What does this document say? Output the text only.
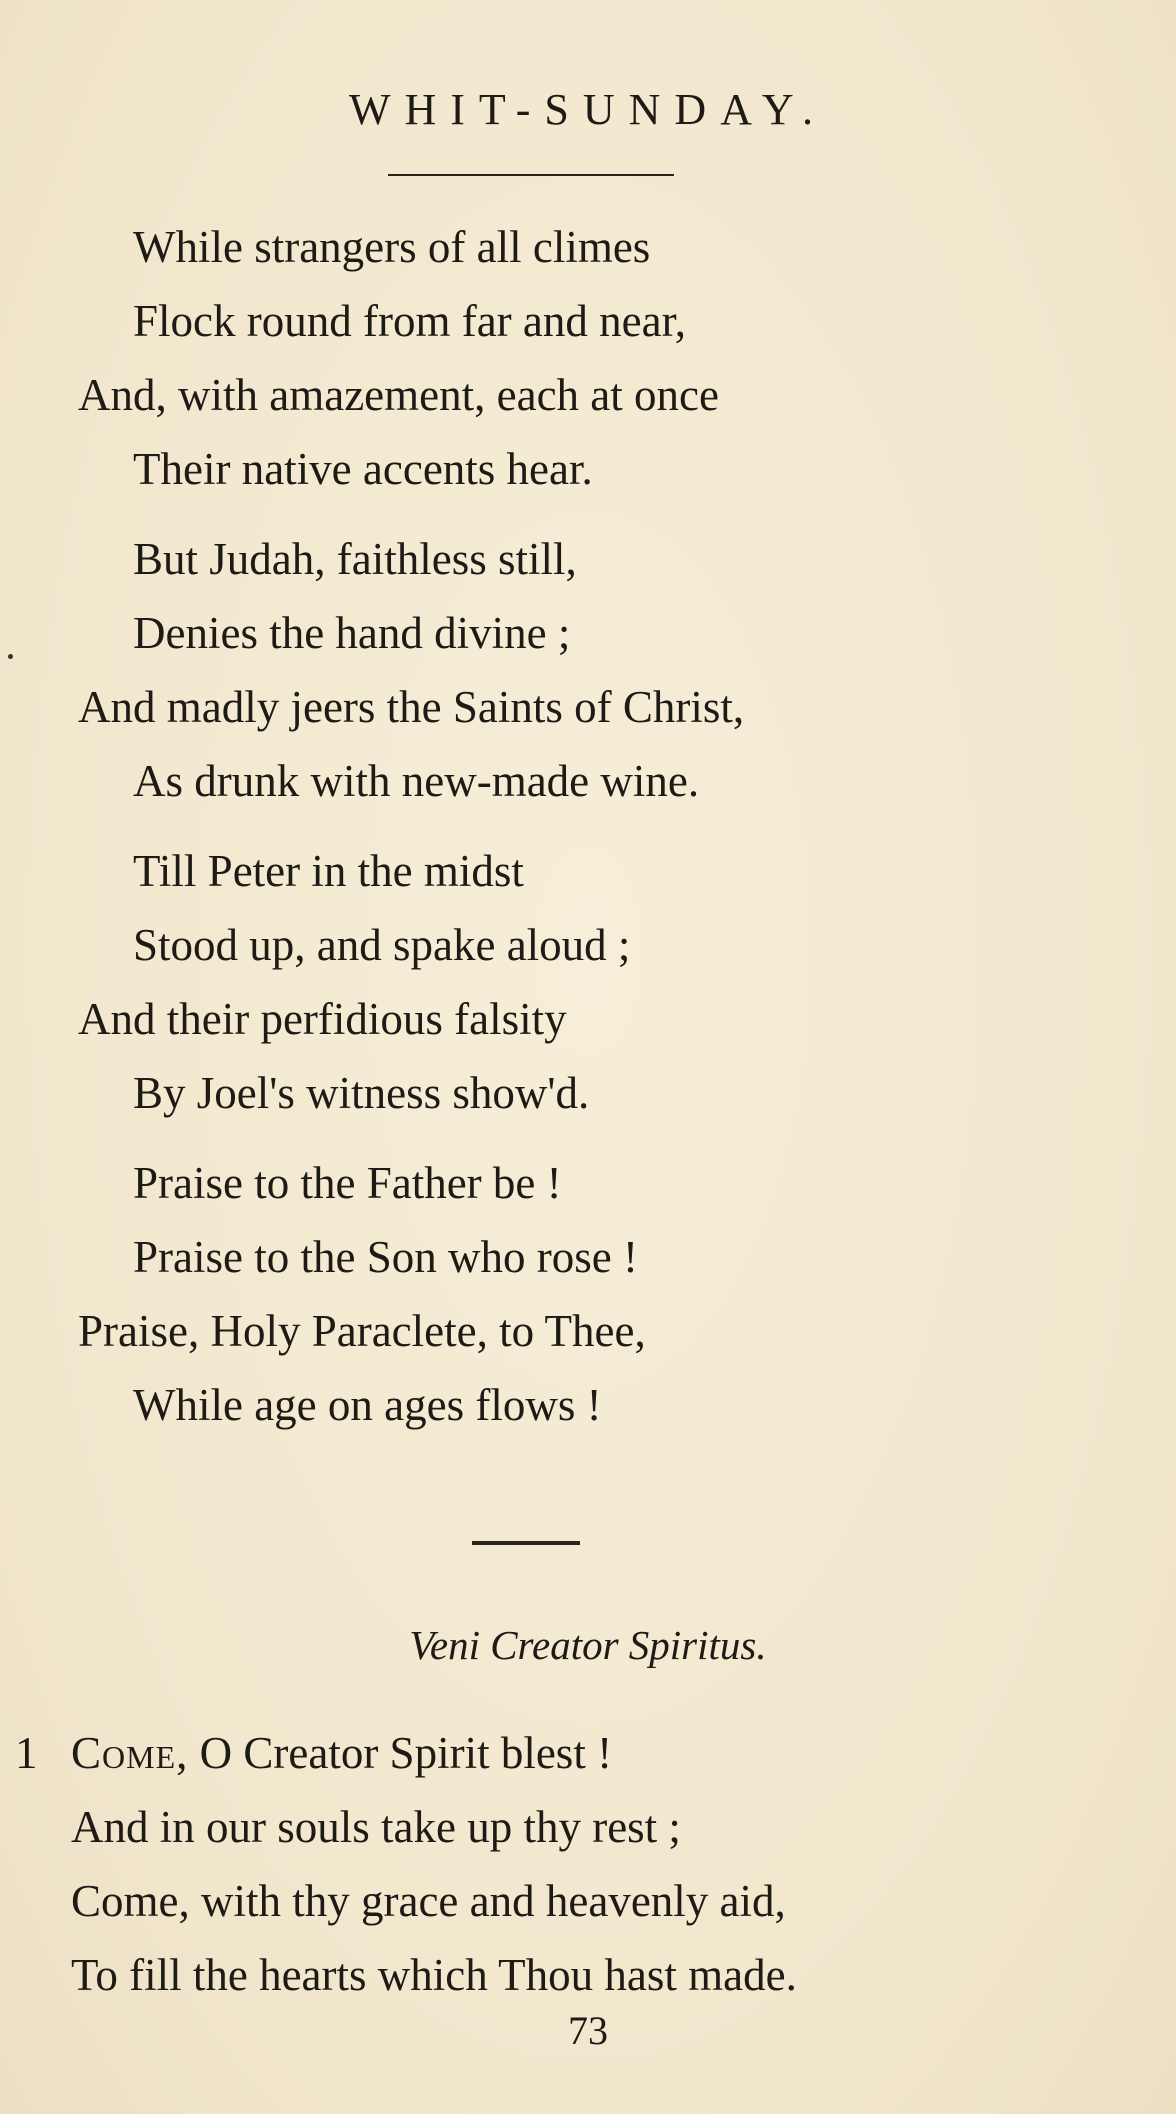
WHIT-SUNDAY.
While strangers of all climes
Flock round from far and near,
And, with amazement, each at once
Their native accents hear.
But Judah, faithless still,
Denies the hand divine ;
And madly jeers the Saints of Christ,
As drunk with new-made wine.
Till Peter in the midst
Stood up, and spake aloud ;
And their perfidious falsity
By Joel's witness show'd.
Praise to the Father be !
Praise to the Son who rose !
Praise, Holy Paraclete, to Thee,
While age on ages flows !
Veni Creator Spiritus.
1 Come, O Creator Spirit blest !
And in our souls take up thy rest ;
Come, with thy grace and heavenly aid,
To fill the hearts which Thou hast made.
73
